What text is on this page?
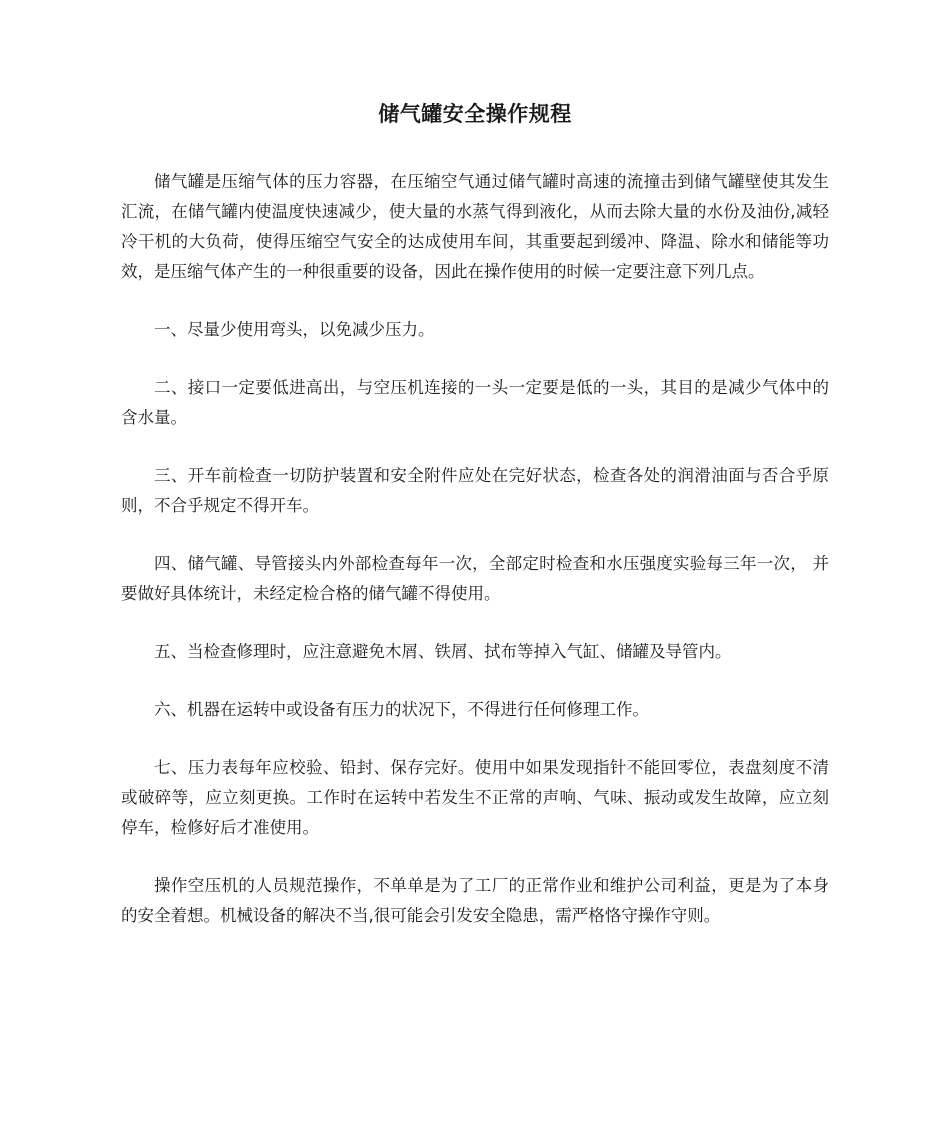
储气罐安全操作规程

储气罐是压缩气体的压力容器，在压缩空气通过储气罐时高速的流撞击到储气罐壁使其发生汇流，在储气罐内使温度快速减少，使大量的水蒸气得到液化，从而去除大量的水份及油份,减轻冷干机的大负荷，使得压缩空气安全的达成使用车间，其重要起到缓冲、降温、除水和储能等功效，是压缩气体产生的一种很重要的设备，因此在操作使用的时候一定要注意下列几点。

一、尽量少使用弯头，以免减少压力。

二、接口一定要低进高出，与空压机连接的一头一定要是低的一头，其目的是减少气体中的含水量。

三、开车前检查一切防护装置和安全附件应处在完好状态，检查各处的润滑油面与否合乎原则，不合乎规定不得开车。

四、储气罐、导管接头内外部检查每年一次，全部定时检查和水压强度实验每三年一次， 并要做好具体统计，未经定检合格的储气罐不得使用。

五、当检查修理时，应注意避免木屑、铁屑、拭布等掉入气缸、储罐及导管内。

六、机器在运转中或设备有压力的状况下，不得进行任何修理工作。

七、压力表每年应校验、铅封、保存完好。使用中如果发现指针不能回零位，表盘刻度不清或破碎等，应立刻更换。工作时在运转中若发生不正常的声响、气味、振动或发生故障，应立刻停车，检修好后才准使用。

操作空压机的人员规范操作，不单单是为了工厂的正常作业和维护公司利益，更是为了本身的安全着想。机械设备的解决不当,很可能会引发安全隐患，需严格恪守操作守则。
